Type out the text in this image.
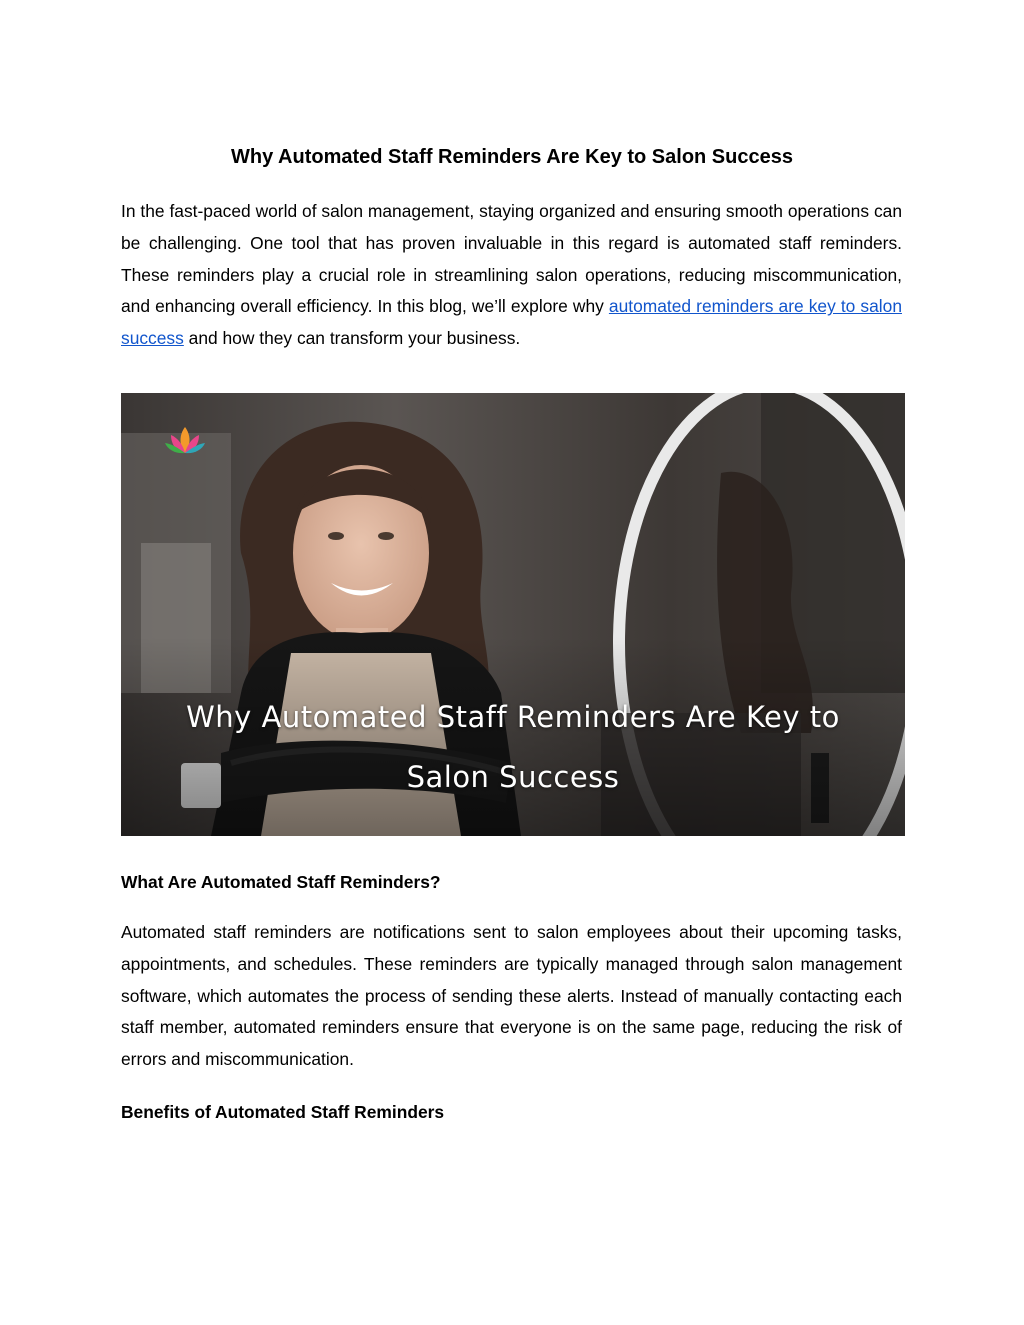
Why Automated Staff Reminders Are Key to Salon Success

In the fast-paced world of salon management, staying organized and ensuring smooth operations can be challenging. One tool that has proven invaluable in this regard is automated staff reminders. These reminders play a crucial role in streamlining salon operations, reducing miscommunication, and enhancing overall efficiency. In this blog, we’ll explore why automated reminders are key to salon success and how they can transform your business.

Why Automated Staff Reminders Are Key to
Salon Success
What Are Automated Staff Reminders?

Automated staff reminders are notifications sent to salon employees about their upcoming tasks, appointments, and schedules. These reminders are typically managed through salon management software, which automates the process of sending these alerts. Instead of manually contacting each staff member, automated reminders ensure that everyone is on the same page, reducing the risk of errors and miscommunication.

Benefits of Automated Staff Reminders
